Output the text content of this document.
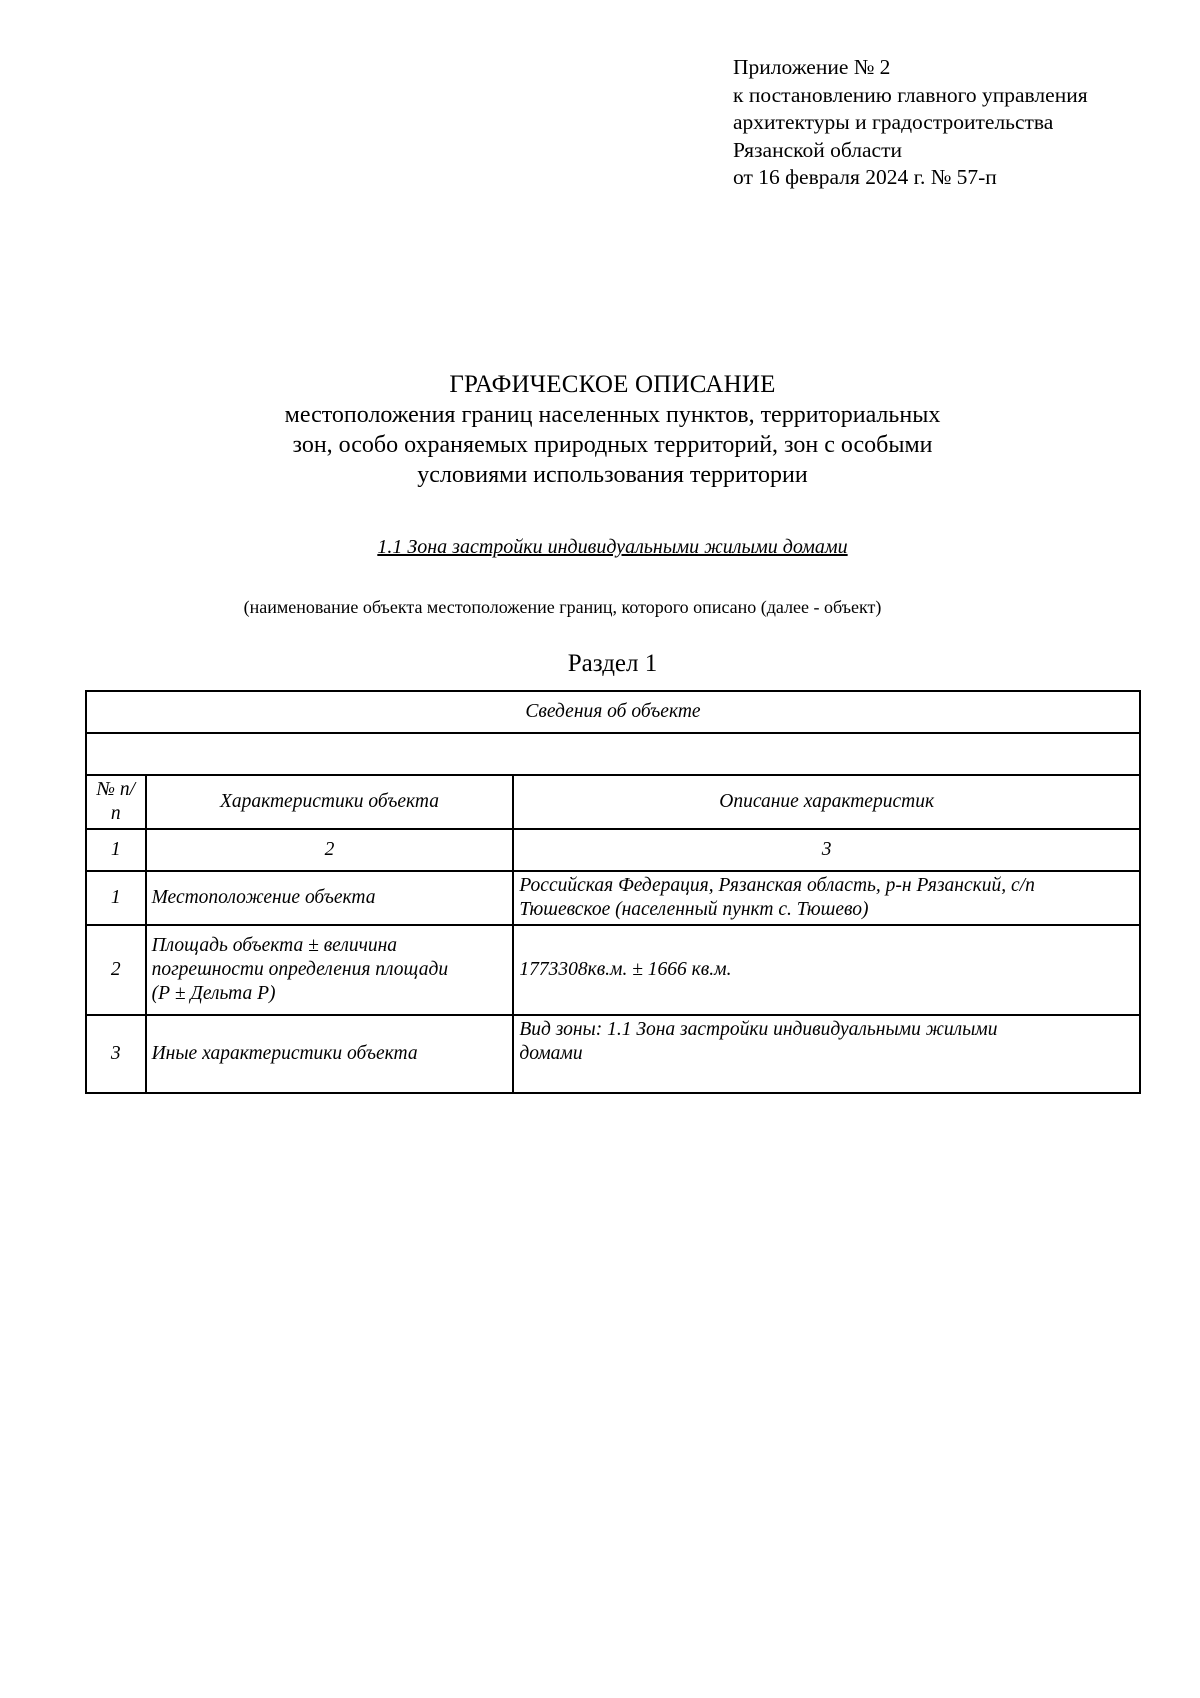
Приложение № 2
к постановлению главного управления
архитектуры и градостроительства
Рязанской области
от 16 февраля 2024 г. № 57-п
ГРАФИЧЕСКОЕ ОПИСАНИЕ
местоположения границ населенных пунктов, территориальных
зон, особо охраняемых природных территорий, зон с особыми
условиями использования территории
1.1 Зона застройки индивидуальными жилыми домами
(наименование объекта местоположение границ, которого описано (далее - объект)
Раздел 1
Сведения об объекте		

№ п/п	Характеристики объекта	Описание характеристик
1	2	3
1	Местоположение объекта	Российская Федерация, Рязанская область, р-н Рязанский, с/п
Тюшевское (населенный пункт с. Тюшево)

2	Площадь объекта ± величина
погрешности определения площади
(Р ± Дельта Р)	1773308кв.м. ± 1666 кв.м.

3	Иные характеристики объекта	Вид зоны: 1.1 Зона застройки индивидуальными жилыми
домами
